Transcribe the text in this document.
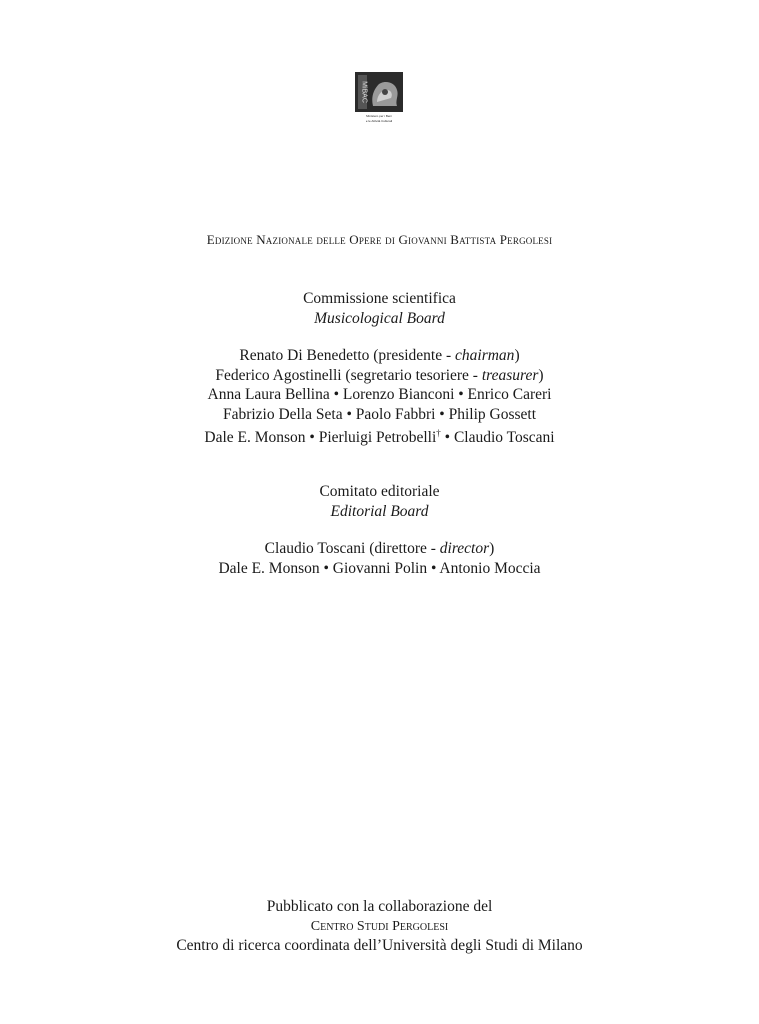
MiBAC
Ministero per i Beni
e le Attività Culturali
Edizione Nazionale delle Opere di Giovanni Battista Pergolesi
Commissione scientifica
Musicological Board
Renato Di Benedetto (presidente - chairman)
Federico Agostinelli (segretario tesoriere - treasurer)
Anna Laura Bellina • Lorenzo Bianconi • Enrico Careri
Fabrizio Della Seta • Paolo Fabbri • Philip Gossett
Dale E. Monson • Pierluigi Petrobelli† • Claudio Toscani
Comitato editoriale
Editorial Board
Claudio Toscani (direttore - director)
Dale E. Monson • Giovanni Polin • Antonio Moccia
Pubblicato con la collaborazione del
Centro Studi Pergolesi
Centro di ricerca coordinata dell’Università degli Studi di Milano
